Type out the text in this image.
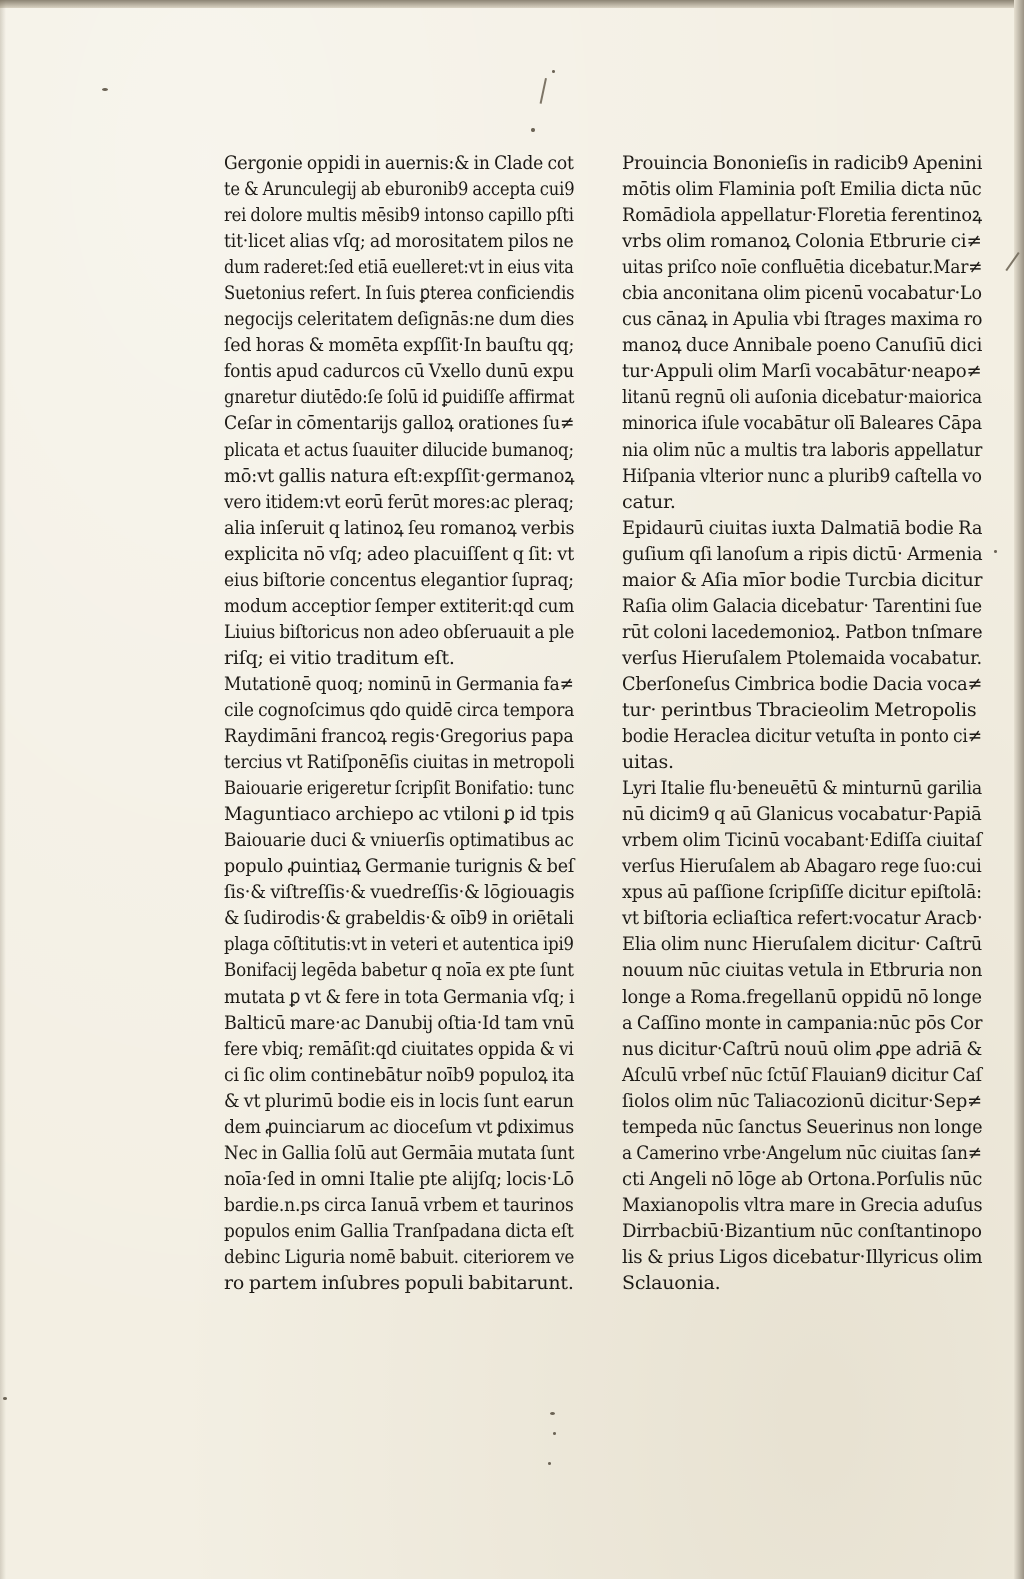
Gergonie oppidi in auernis:& in Clade cot
te & Arunculegij ab eburonib9 accepta cui9
rei dolore multis mēsib9 intonso capillo pſti
tit·licet alias vſq; ad morositatem pilos ne
dum raderet:ſed etiā euelleret:vt in eius vita
Suetonius refert. In ſuis ꝑterea conficiendis
negocijs celeritatem deſignās:ne dum dies
ſed horas & momēta expſſit·In bauſtu qq;
fontis apud cadurcos cū Vxello dunū expu
gnaretur diutēdo:ſe ſolū id ꝑuidiſſe affirmat
Ceſar in cōmentarijs galloꝝ orationes ſu≠
plicata et actus ſuauiter dilucide bumanoq;
mō:vt gallis natura eſt:expſſit·germanoꝝ
vero itidem:vt eorū ferūt mores:ac pleraq;
alia inſeruit q latinoꝝ ſeu romanoꝝ verbis
explicita nō vſq; adeo placuiſſent q ſit: vt
eius biſtorie concentus elegantior ſupraq;
modum acceptior ſemper extiterit:qd cum
Liuius biſtoricus non adeo obſeruauit a ple
riſq; ei vitio traditum eſt.
Mutationē quoq; nominū in Germania fa≠
cile cognoſcimus qdo quidē circa tempora
Raydimāni francoꝝ regis·Gregorius papa
tercius vt Ratiſponēſis ciuitas in metropoli
Baiouarie erigeretur ſcripſit Bonifatio: tunc
Maguntiaco archiepo ac vtiloni ꝑ id tpis
Baiouarie duci & vniuerſis optimatibus ac
populo ꝓuintiaꝝ Germanie turignis & beſ
ſis·& viſtreſſis·& vuedreſſis·& lōgiouagis
& ſudirodis·& grabeldis·& oīb9 in oriētali
plaga cōſtitutis:vt in veteri et autentica ipi9
Bonifacij legēda babetur q noīa ex pte ſunt
mutata ꝑ vt & fere in tota Germania vſq; i
Balticū mare·ac Danubij oſtia·Id tam vnū
fere vbiq; remāſit:qd ciuitates oppida & vi
ci ſic olim continebātur noīb9 populoꝝ ita
& vt plurimū bodie eis in locis ſunt earun
dem ꝓuinciarum ac dioceſum vt ꝑdiximus
Nec in Gallia ſolū aut Germāia mutata ſunt
noīa·ſed in omni Italie pte alijſq; locis·Lō
bardie.n.ps circa Ianuā vrbem et taurinos
populos enim Gallia Tranſpadana dicta eſt
debinc Liguria nomē babuit. citeriorem ve
ro partem inſubres populi babitarunt.
Prouincia Bononieſis in radicib9 Apenini
mōtis olim Flaminia poſt Emilia dicta nūc
Romādiola appellatur·Floretia ferentinoꝝ
vrbs olim romanoꝝ Colonia Etbrurie ci≠
uitas priſco noīe confluētia dicebatur.Mar≠
cbia anconitana olim picenū vocabatur·Lo
cus cānaꝝ in Apulia vbi ſtrages maxima ro
manoꝝ duce Annibale poeno Canuſiū dici
tur·Appuli olim Marſi vocabātur·neapo≠
litanū regnū oli auſonia dicebatur·maiorica
minorica iſule vocabātur olī Baleares Cāpa
nia olim nūc a multis tra laboris appellatur
Hiſpania vlterior nunc a plurib9 caſtella vo
catur.
Epidaurū ciuitas iuxta Dalmatiā bodie Ra
guſium qſi lanoſum a ripis dictū· Armenia
maior & Aſia mīor bodie Turcbia dicitur
Raſia olim Galacia dicebatur· Tarentini ſue
rūt coloni lacedemonioꝝ. Patbon tnſmare
verſus Hieruſalem Ptolemaida vocabatur.
Cberſoneſus Cimbrica bodie Dacia voca≠
tur· perintbus Tbracieolim Metropolis
bodie Heraclea dicitur vetuſta in ponto ci≠
uitas.
Lyri Italie flu·beneuētū & minturnū garilia
nū dicim9 q aū Glanicus vocabatur·Papiā
vrbem olim Ticinū vocabant·Ediſſa ciuitaſ
verſus Hieruſalem ab Abagaro rege ſuo:cui
xpus aū paſſione ſcripſiſſe dicitur epiſtolā:
vt biſtoria ecliaſtica refert:vocatur Aracb·
Elia olim nunc Hieruſalem dicitur· Caſtrū
nouum nūc ciuitas vetula in Etbruria non
longe a Roma.fregellanū oppidū nō longe
a Caſſino monte in campania:nūc pōs Cor
nus dicitur·Caſtrū nouū olim ꝓpe adriā &
Aſculū vrbeſ nūc ſctūſ Flauian9 dicitur Caſ
ſiolos olim nūc Taliacozionū dicitur·Sep≠
tempeda nūc ſanctus Seuerinus non longe
a Camerino vrbe·Angelum nūc ciuitas ſan≠
cti Angeli nō lōge ab Ortona.Porſulis nūc
Maxianopolis vltra mare in Grecia aduſus
Dirrbacbiū·Bizantium nūc conſtantinopo
lis & prius Ligos dicebatur·Illyricus olim
Sclauonia.
